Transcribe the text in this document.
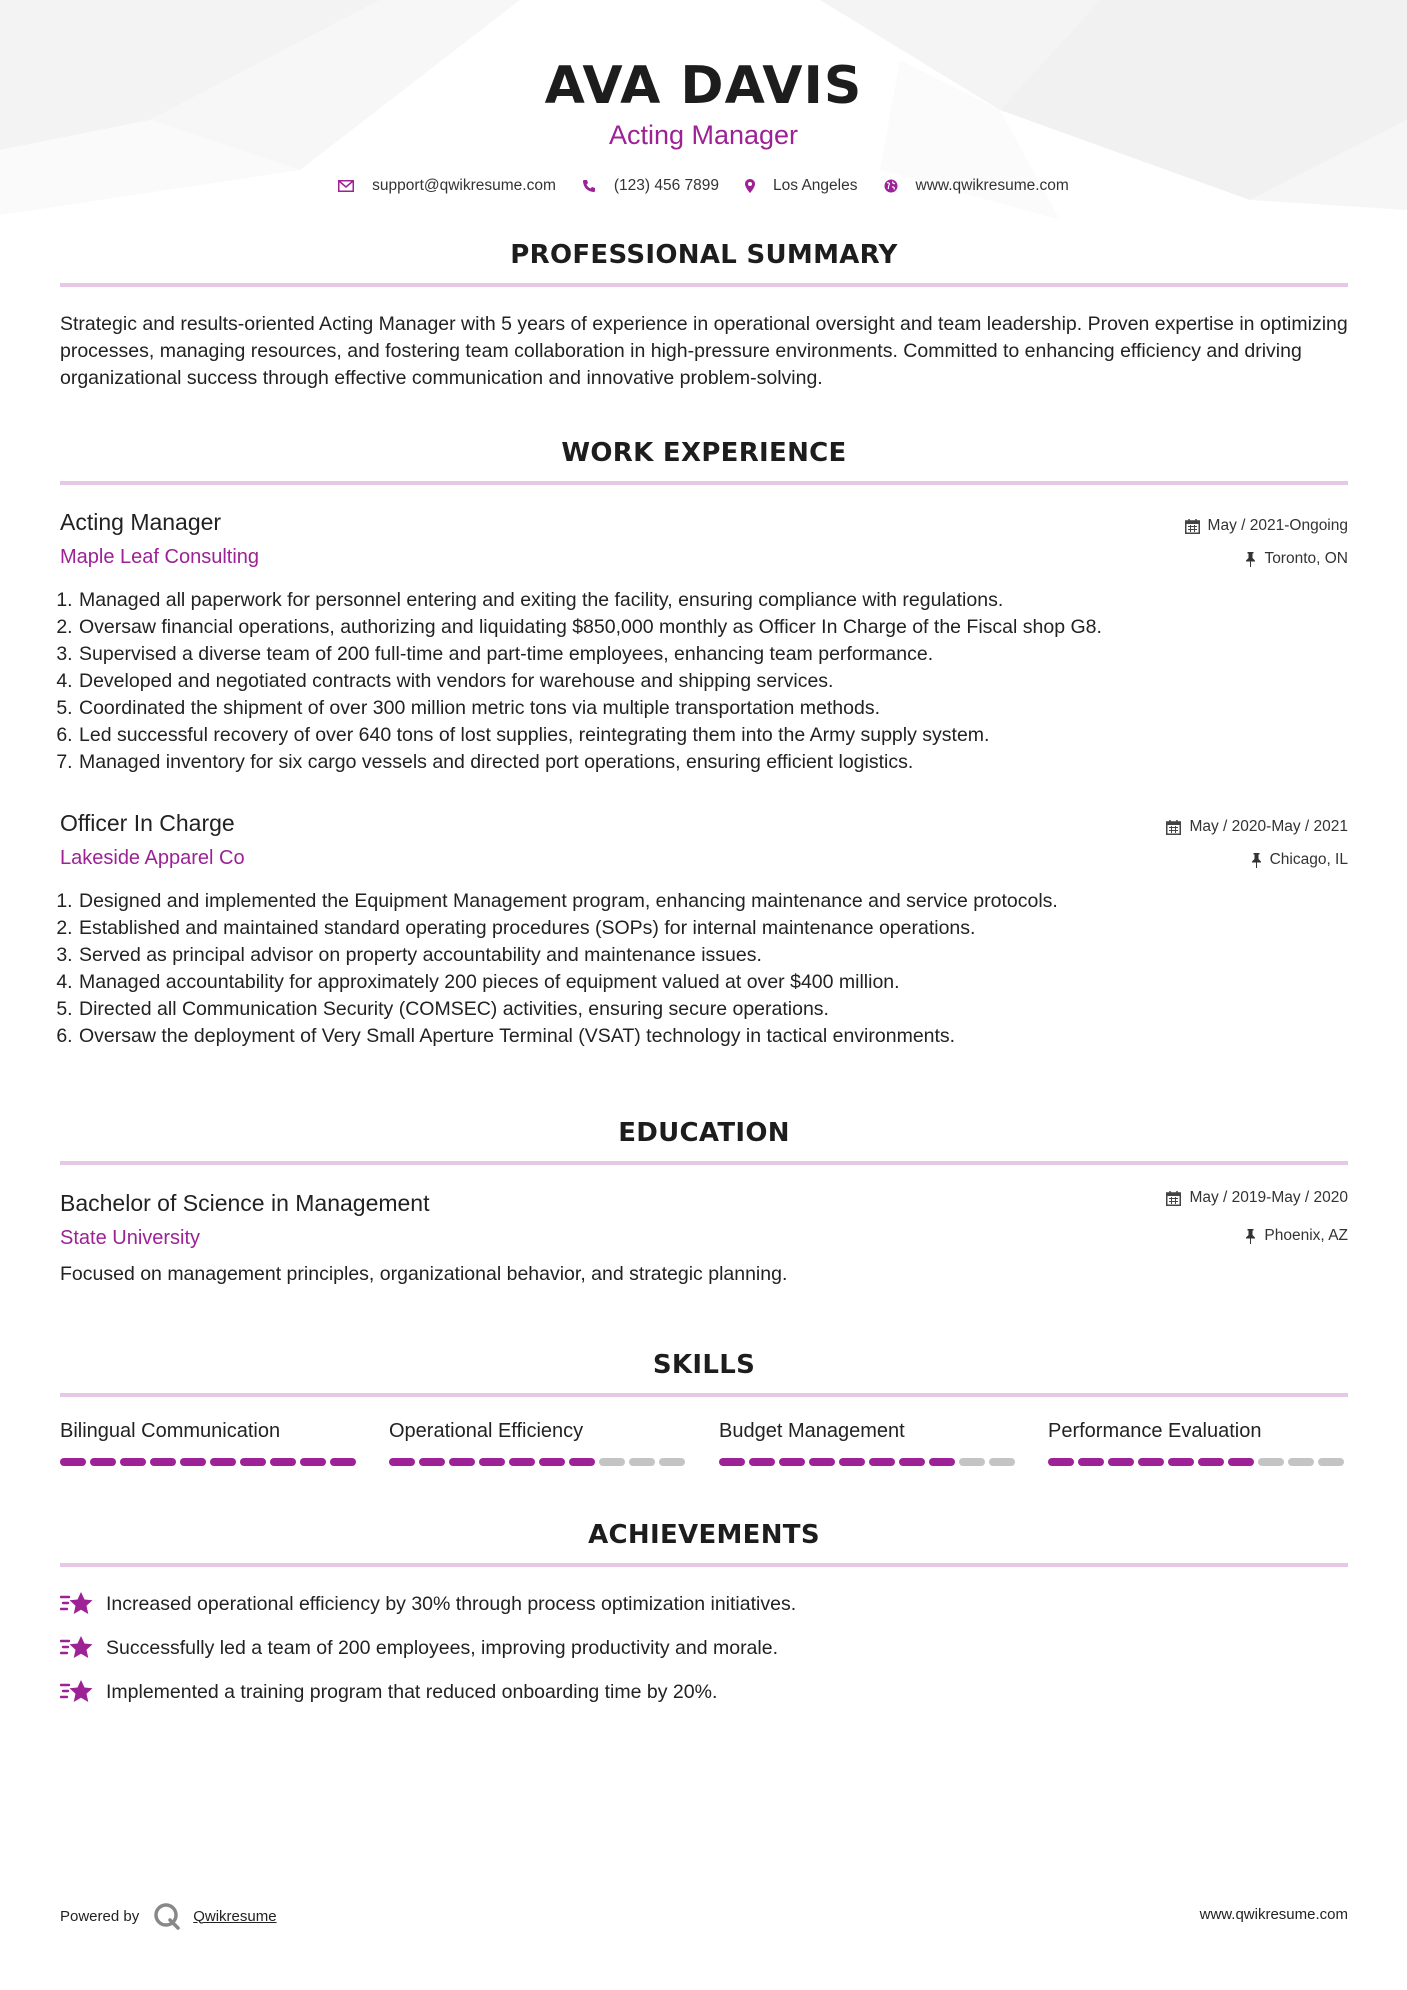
AVA DAVIS
Acting Manager
support@qwikresume.com	(123) 456 7899	Los Angeles	www.qwikresume.com
PROFESSIONAL SUMMARY

Strategic and results-oriented Acting Manager with 5 years of experience in operational oversight and team leadership. Proven expertise in optimizing processes, managing resources, and fostering team collaboration in high-pressure environments. Committed to enhancing efficiency and driving organizational success through effective communication and innovative problem-solving.

WORK EXPERIENCE
Acting Manager
Maple Leaf Consulting
May / 2021-Ongoing
Toronto, ON
1. Managed all paperwork for personnel entering and exiting the facility, ensuring compliance with regulations.
2. Oversaw financial operations, authorizing and liquidating $850,000 monthly as Officer In Charge of the Fiscal shop G8.
3. Supervised a diverse team of 200 full-time and part-time employees, enhancing team performance.
4. Developed and negotiated contracts with vendors for warehouse and shipping services.
5. Coordinated the shipment of over 300 million metric tons via multiple transportation methods.
6. Led successful recovery of over 640 tons of lost supplies, reintegrating them into the Army supply system.
7. Managed inventory for six cargo vessels and directed port operations, ensuring efficient logistics.
Officer In Charge
Lakeside Apparel Co
May / 2020-May / 2021
Chicago, IL
1. Designed and implemented the Equipment Management program, enhancing maintenance and service protocols.
2. Established and maintained standard operating procedures (SOPs) for internal maintenance operations.
3. Served as principal advisor on property accountability and maintenance issues.
4. Managed accountability for approximately 200 pieces of equipment valued at over $400 million.
5. Directed all Communication Security (COMSEC) activities, ensuring secure operations.
6. Oversaw the deployment of Very Small Aperture Terminal (VSAT) technology in tactical environments.
EDUCATION
Bachelor of Science in Management
State University
May / 2019-May / 2020
Phoenix, AZ
Focused on management principles, organizational behavior, and strategic planning.
SKILLS
Bilingual Communication	Operational Efficiency	Budget Management	Performance Evaluation
ACHIEVEMENTS
Increased operational efficiency by 30% through process optimization initiatives.
Successfully led a team of 200 employees, improving productivity and morale.
Implemented a training program that reduced onboarding time by 20%.
Powered by	Qwikresume	www.qwikresume.com
